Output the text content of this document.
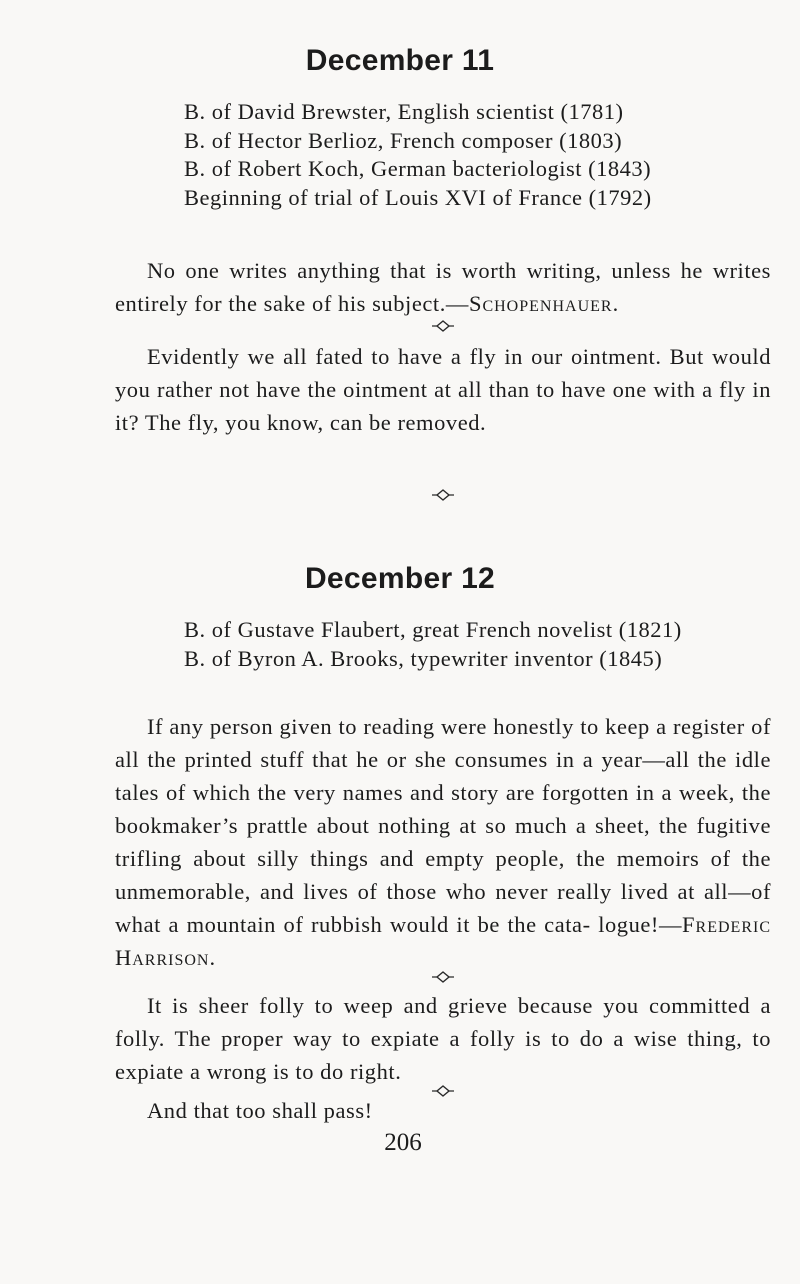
December 11
B. of David Brewster, English scientist (1781)
B. of Hector Berlioz, French composer (1803)
B. of Robert Koch, German bacteriologist (1843)
Beginning of trial of Louis XVI of France (1792)

No one writes anything that is worth writing, unless he writes entirely for the sake of his subject.—Schopenhauer.

Evidently we all fated to have a fly in our ointment. But would you rather not have the ointment at all than to have one with a fly in it? The fly, you know, can be removed.

December 12
B. of Gustave Flaubert, great French novelist (1821)
B. of Byron A. Brooks, typewriter inventor (1845)

If any person given to reading were honestly to keep a register of all the printed stuff that he or she consumes in a year—all the idle tales of which the very names and story are forgotten in a week, the bookmaker’s prattle about nothing at so much a sheet, the fugitive trifling about silly things and empty people, the memoirs of the unmemorable, and lives of those who never really lived at all—of what a mountain of rubbish would it be the cata- logue!—Frederic Harrison.

It is sheer folly to weep and grieve because you committed a folly. The proper way to expiate a folly is to do a wise thing, to expiate a wrong is to do right.

And that too shall pass!

206
